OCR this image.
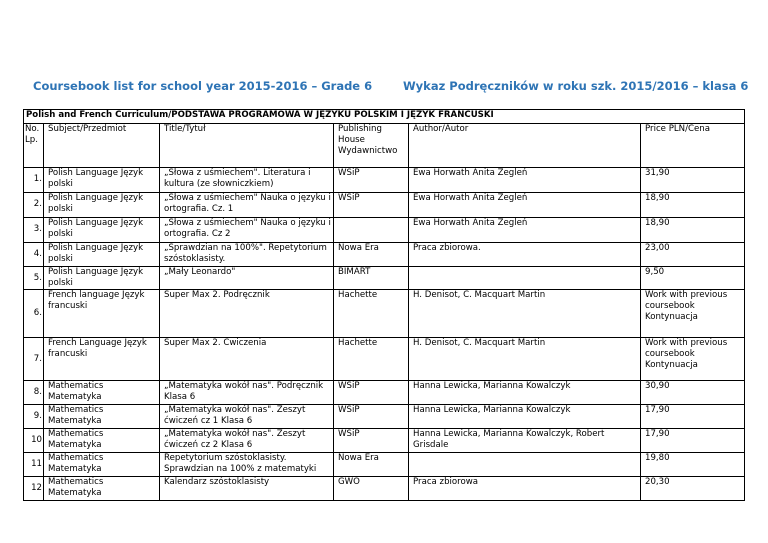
Coursebook list for school year 2015-2016 – Grade 6	Wykaz Podręczników w roku szk. 2015/2016 – klasa 6
Polish and French Curriculum/PODSTAWA PROGRAMOWA W JĘZYKU POLSKIM I JĘZYK FRANCUSKI					
No. Lp.	Subject/Przedmiot	Title/Tytuł	Publishing House Wydawnictwo	Author/Autor	Price PLN/Cena
1.	Polish Language Język polski	„Słowa z uśmiechem". Literatura i kultura (ze słowniczkiem)	WSiP	Ewa Horwath Anita Żegleń	31,90
2.	Polish Language Język polski	„Słowa z uśmiechem" Nauka o języku i ortografia. Cz. 1	WSiP	Ewa Horwath Anita Żegleń	18,90
3.	Polish Language Język polski	„Słowa z uśmiechem" Nauka o języku i ortografia. Cz 2		Ewa Horwath Anita Żegleń	18,90
4.	Polish Language Język polski	„Sprawdzian na 100%". Repetytorium szóstoklasisty.	Nowa Era	Praca zbiorowa.	23,00
5.	Polish Language Język polski	„Mały Leonardo"	BIMART		9,50
6.	French language Język francuski	Super Max 2. Podręcznik	Hachette	H. Denisot, C. Macquart Martin	Work with previous coursebook Kontynuacja
7.	French Language Język francuski	Super Max 2. Ćwiczenia	Hachette	H. Denisot, C. Macquart Martin	Work with previous coursebook Kontynuacja
8.	Mathematics Matematyka	„Matematyka wokół nas". Podręcznik Klasa 6	WSiP	Hanna Lewicka, Marianna Kowalczyk	30,90
9.	Mathematics Matematyka	„Matematyka wokół nas". Zeszyt ćwiczeń cz 1 Klasa 6	WSiP	Hanna Lewicka, Marianna Kowalczyk	17,90
10	Mathematics Matematyka	„Matematyka wokół nas". Zeszyt ćwiczeń cz 2 Klasa 6	WSiP	Hanna Lewicka, Marianna Kowalczyk, Robert Grisdale	17,90
11	Mathematics Matematyka	Repetytorium szóstoklasisty. Sprawdzian na 100% z matematyki	Nowa Era		19,80
12	Mathematics Matematyka	Kalendarz szóstoklasisty	GWO	Praca zbiorowa	20,30
